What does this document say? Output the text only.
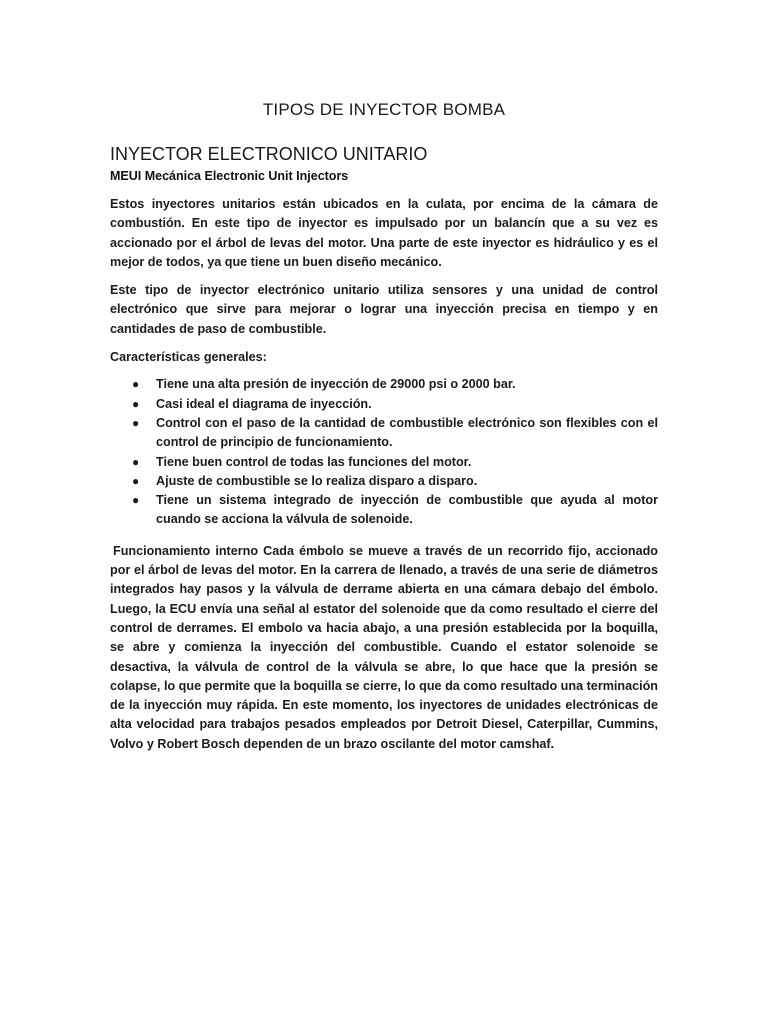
TIPOS DE INYECTOR BOMBA
INYECTOR ELECTRONICO UNITARIO
MEUI Mecánica Electronic Unit Injectors

Estos inyectores unitarios están ubicados en la culata, por encima de la cámara de combustión. En este tipo de inyector es impulsado por un balancín que a su vez es accionado por el árbol de levas del motor. Una parte de este inyector es hidráulico y es el mejor de todos, ya que tiene un buen diseño mecánico.

Este tipo de inyector electrónico unitario utiliza sensores y una unidad de control electrónico que sirve para mejorar o lograr una inyección precisa en tiempo y en cantidades de paso de combustible.

Características generales:

● Tiene una alta presión de inyección de 29000 psi o 2000 bar.
● Casi ideal el diagrama de inyección.
● Control con el paso de la cantidad de combustible electrónico son flexibles con el control de principio de funcionamiento.
● Tiene buen control de todas las funciones del motor.
● Ajuste de combustible se lo realiza disparo a disparo.
● Tiene un sistema integrado de inyección de combustible que ayuda al motor cuando se acciona la válvula de solenoide.

Funcionamiento interno Cada émbolo se mueve a través de un recorrido fijo, accionado por el árbol de levas del motor. En la carrera de llenado, a través de una serie de diámetros integrados hay pasos y la válvula de derrame abierta en una cámara debajo del émbolo. Luego, la ECU envía una señal al estator del solenoide que da como resultado el cierre del control de derrames. El embolo va hacia abajo, a una presión establecida por la boquilla, se abre y comienza la inyección del combustible. Cuando el estator solenoide se desactiva, la válvula de control de la válvula se abre, lo que hace que la presión se colapse, lo que permite que la boquilla se cierre, lo que da como resultado una terminación de la inyección muy rápida. En este momento, los inyectores de unidades electrónicas de alta velocidad para trabajos pesados empleados por Detroit Diesel, Caterpillar, Cummins, Volvo y Robert Bosch dependen de un brazo oscilante del motor camshaf.
